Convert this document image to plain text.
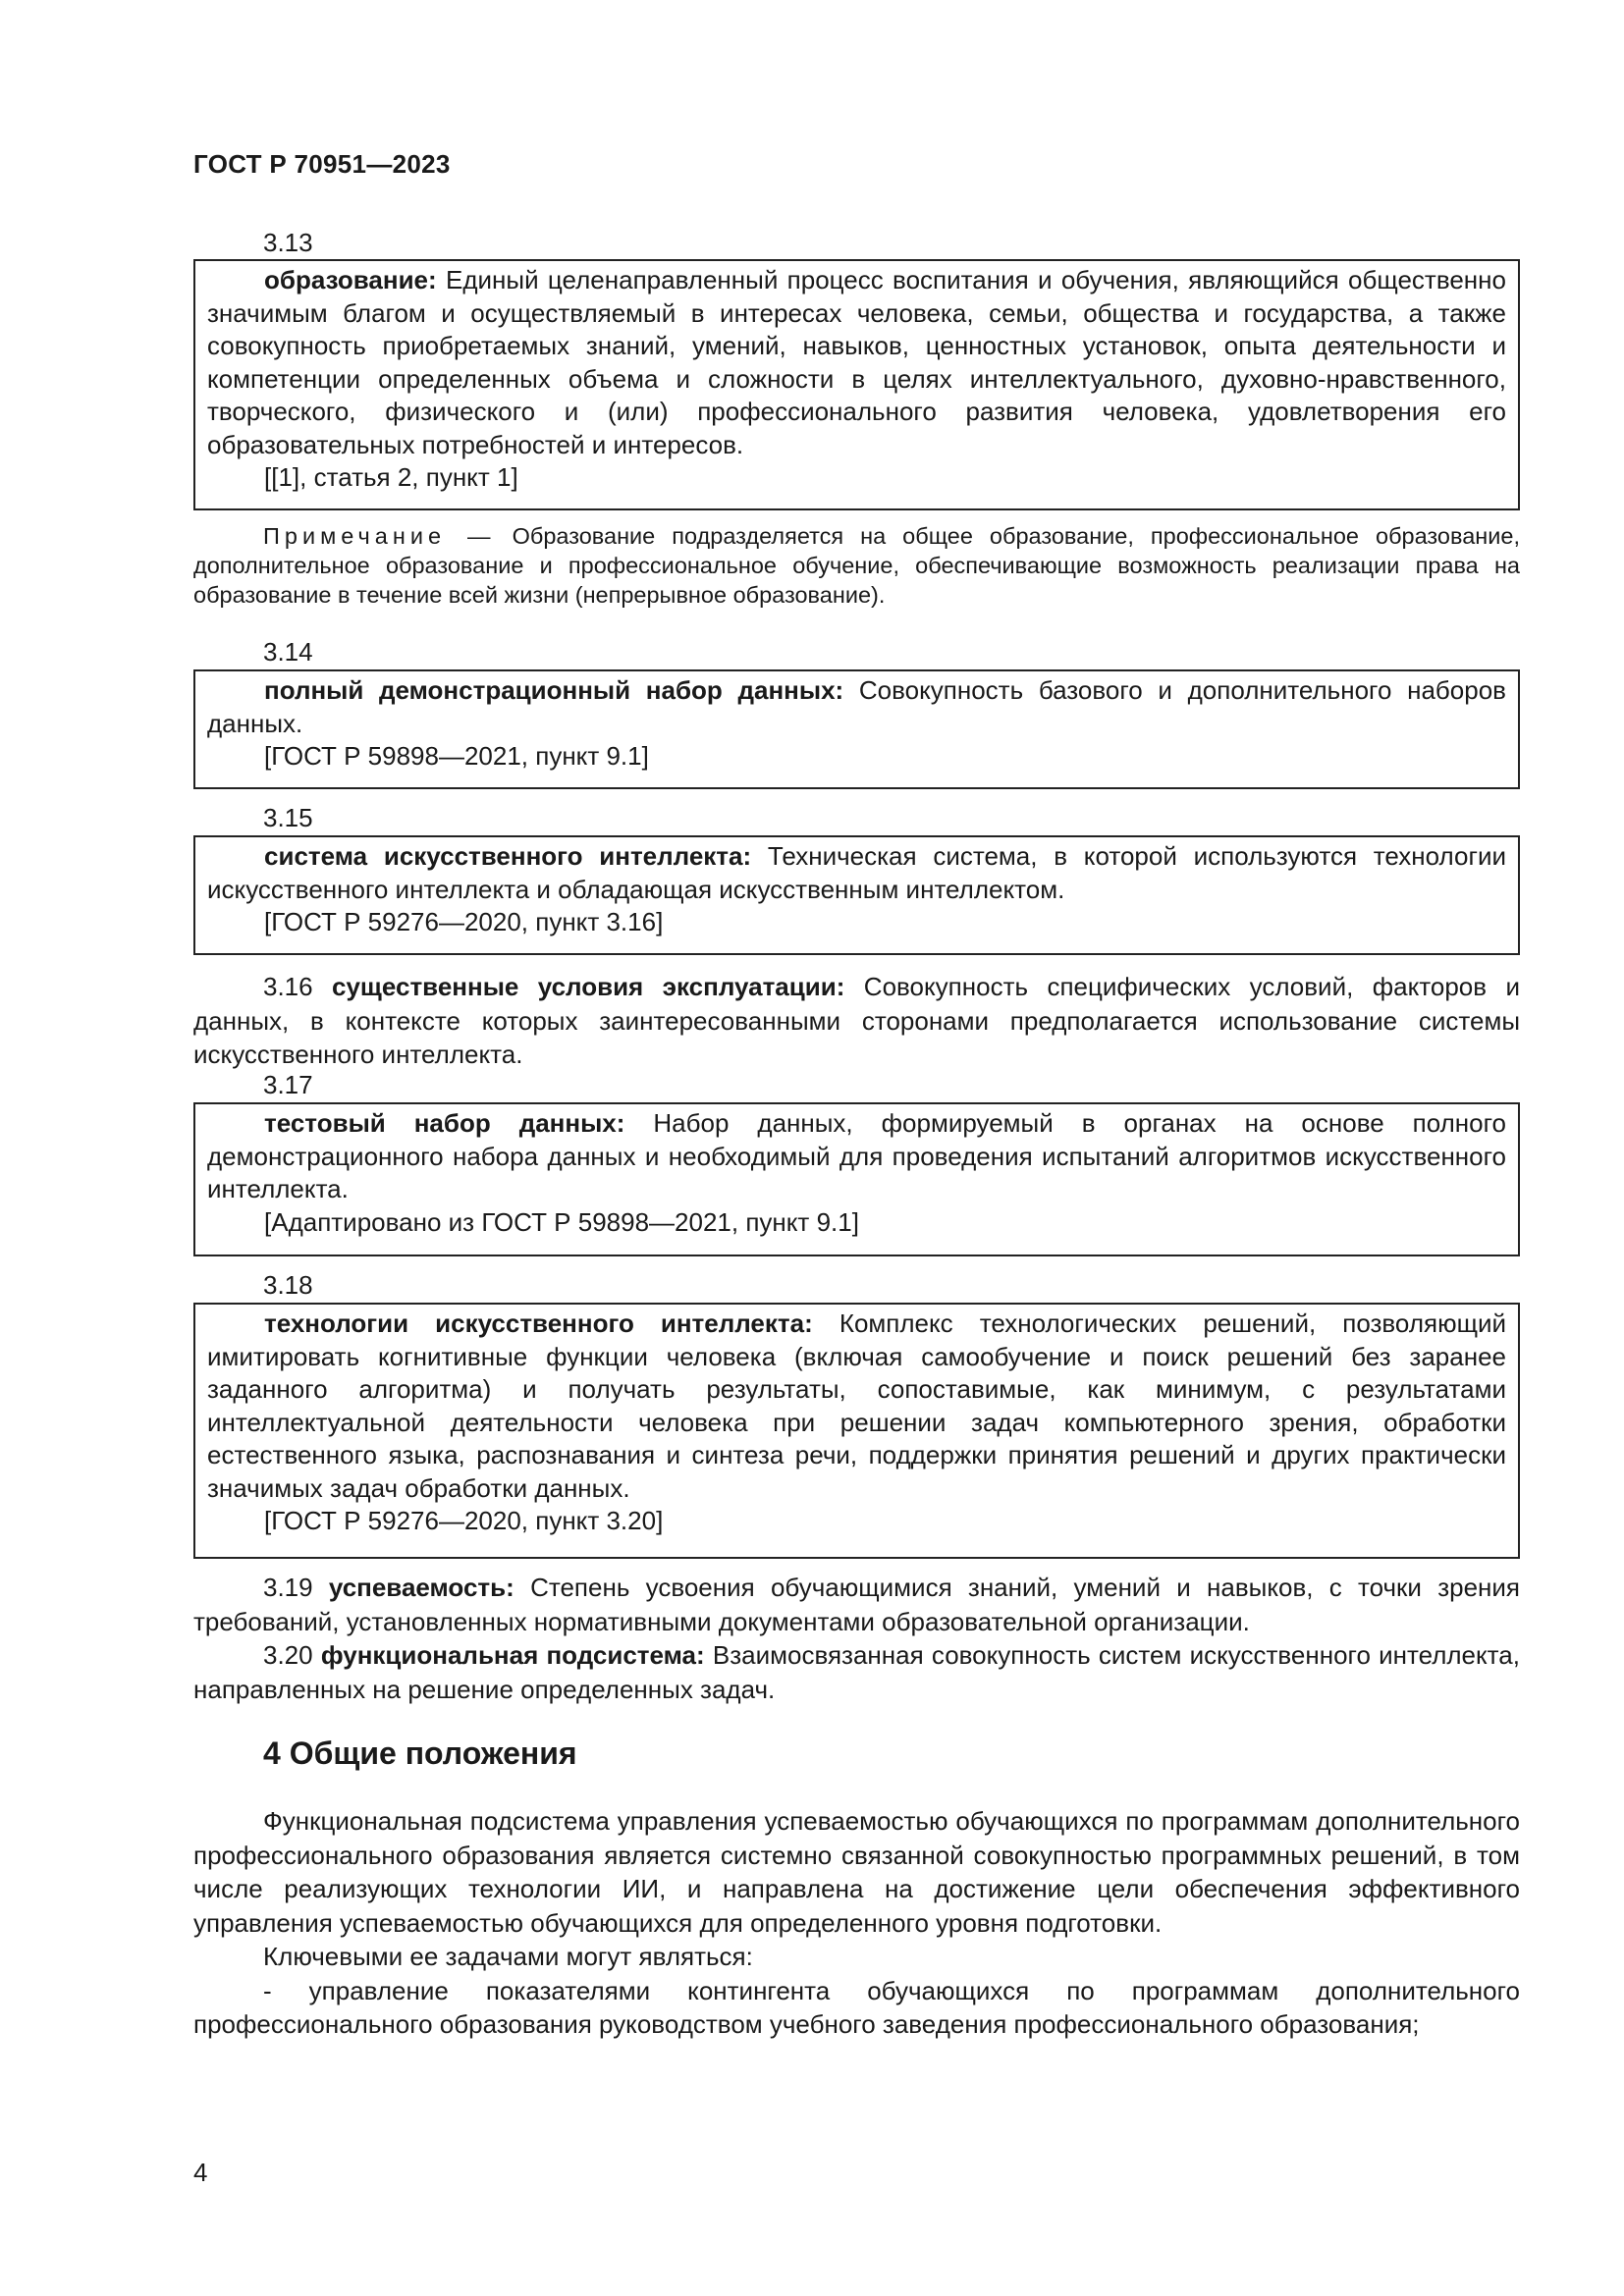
ГОСТ Р 70951—2023
3.13
образование: Единый целенаправленный процесс воспитания и обучения, являющийся общественно значимым благом и осуществляемый в интересах человека, семьи, общества и государства, а также совокупность приобретаемых знаний, умений, навыков, ценностных установок, опыта деятельности и компетенции определенных объема и сложности в целях интеллектуального, духовно-нравственного, творческого, физического и (или) профессионального развития человека, удовлетворения его образовательных потребностей и интересов.
[[1], статья 2, пункт 1]
Примечание — Образование подразделяется на общее образование, профессиональное образование, дополнительное образование и профессиональное обучение, обеспечивающие возможность реализации права на образование в течение всей жизни (непрерывное образование).
3.14
полный демонстрационный набор данных: Совокупность базового и дополнительного наборов данных.
[ГОСТ Р 59898—2021, пункт 9.1]
3.15
система искусственного интеллекта: Техническая система, в которой используются технологии искусственного интеллекта и обладающая искусственным интеллектом.
[ГОСТ Р 59276—2020, пункт 3.16]

3.16 существенные условия эксплуатации: Совокупность специфических условий, факторов и данных, в контексте которых заинтересованными сторонами предполагается использование системы искусственного интеллекта.

3.17
тестовый набор данных: Набор данных, формируемый в органах на основе полного демонстрационного набора данных и необходимый для проведения испытаний алгоритмов искусственного интеллекта.
[Адаптировано из ГОСТ Р 59898—2021, пункт 9.1]
3.18
технологии искусственного интеллекта: Комплекс технологических решений, позволяющий имитировать когнитивные функции человека (включая самообучение и поиск решений без заранее заданного алгоритма) и получать результаты, сопоставимые, как минимум, с результатами интеллектуальной деятельности человека при решении задач компьютерного зрения, обработки естественного языка, распознавания и синтеза речи, поддержки принятия решений и других практически значимых задач обработки данных.
[ГОСТ Р 59276—2020, пункт 3.20]

3.19 успеваемость: Степень усвоения обучающимися знаний, умений и навыков, с точки зрения требований, установленных нормативными документами образовательной организации.

3.20 функциональная подсистема: Взаимосвязанная совокупность систем искусственного интеллекта, направленных на решение определенных задач.

4 Общие положения

Функциональная подсистема управления успеваемостью обучающихся по программам дополнительного профессионального образования является системно связанной совокупностью программных решений, в том числе реализующих технологии ИИ, и направлена на достижение цели обеспечения эффективного управления успеваемостью обучающихся для определенного уровня подготовки.

Ключевыми ее задачами могут являться:

- управление показателями контингента обучающихся по программам дополнительного профессионального образования руководством учебного заведения профессионального образования;

4
